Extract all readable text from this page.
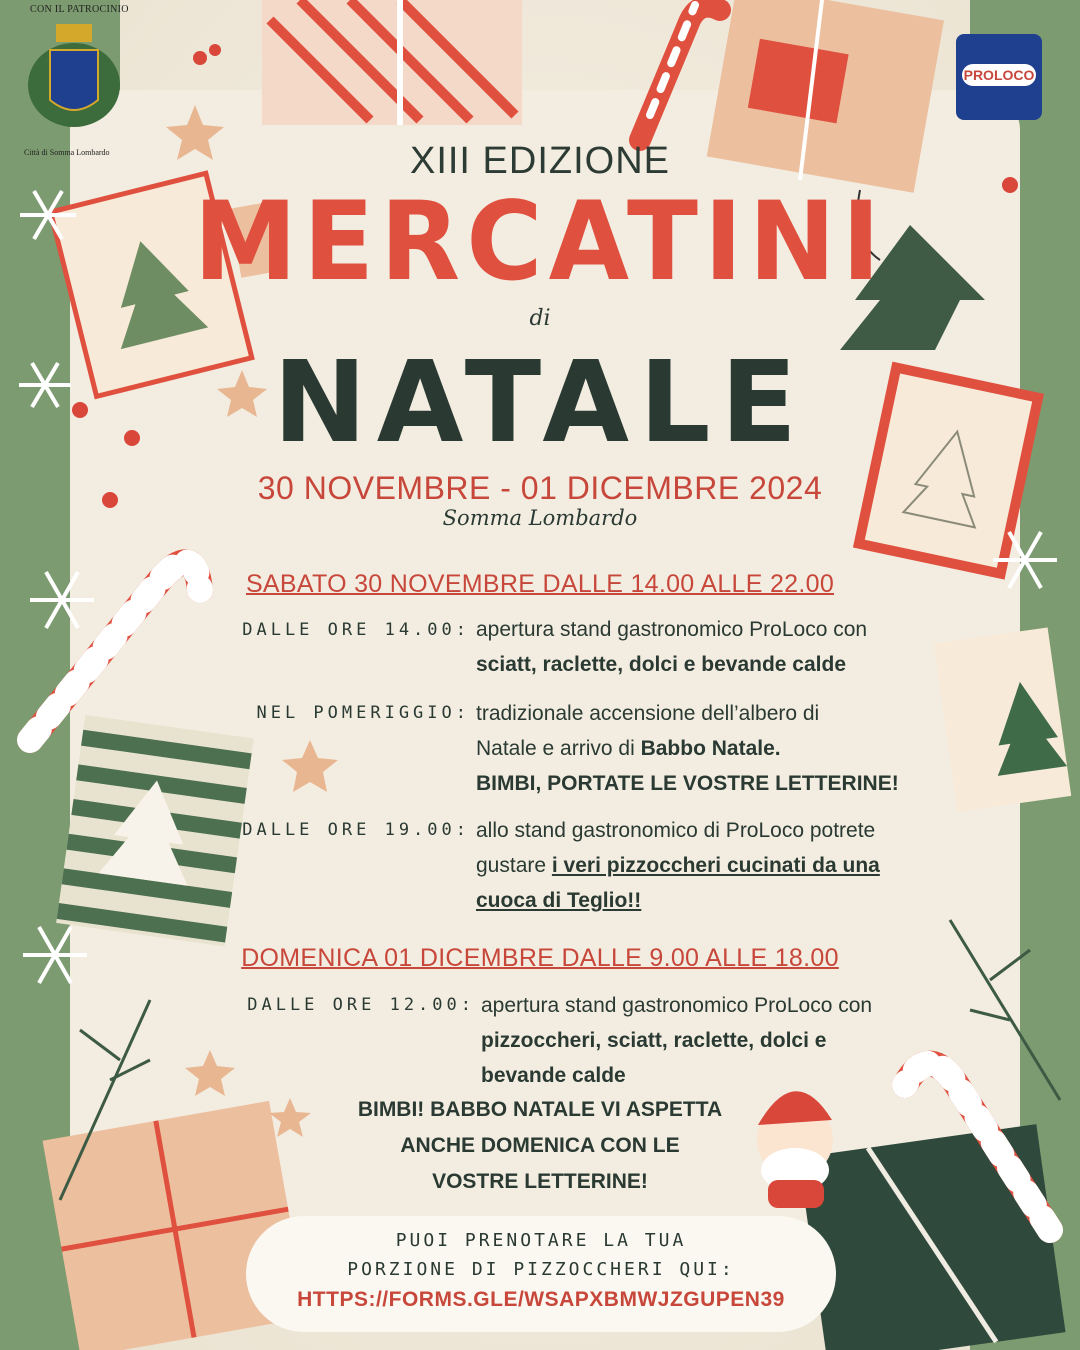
CON IL PATROCINIO
Città di Somma Lombardo
PROLOCO
XIII EDIZIONE
MERCATINI
di
NATALE
30 NOVEMBRE - 01 DICEMBRE 2024
Somma Lombardo
SABATO 30 NOVEMBRE DALLE 14.00 ALLE 22.00
DALLE ORE 14.00: apertura stand gastronomico ProLoco con
sciatt, raclette, dolci e bevande calde
NEL POMERIGGIO: tradizionale accensione dell’albero di
Natale e arrivo di Babbo Natale.
BIMBI, PORTATE LE VOSTRE LETTERINE!
DALLE ORE 19.00: allo stand gastronomico di ProLoco potrete
gustare i veri pizzoccheri cucinati da una
cuoca di Teglio!!
DOMENICA 01 DICEMBRE DALLE 9.00 ALLE 18.00
DALLE ORE 12.00: apertura stand gastronomico ProLoco con
pizzoccheri, sciatt, raclette, dolci e
bevande calde
BIMBI! BABBO NATALE VI ASPETTA
ANCHE DOMENICA CON LE
VOSTRE LETTERINE!
PUOI PRENOTARE LA TUA
PORZIONE DI PIZZOCCHERI QUI:
HTTPS://FORMS.GLE/WSAPXBMWJZGUPEN39
